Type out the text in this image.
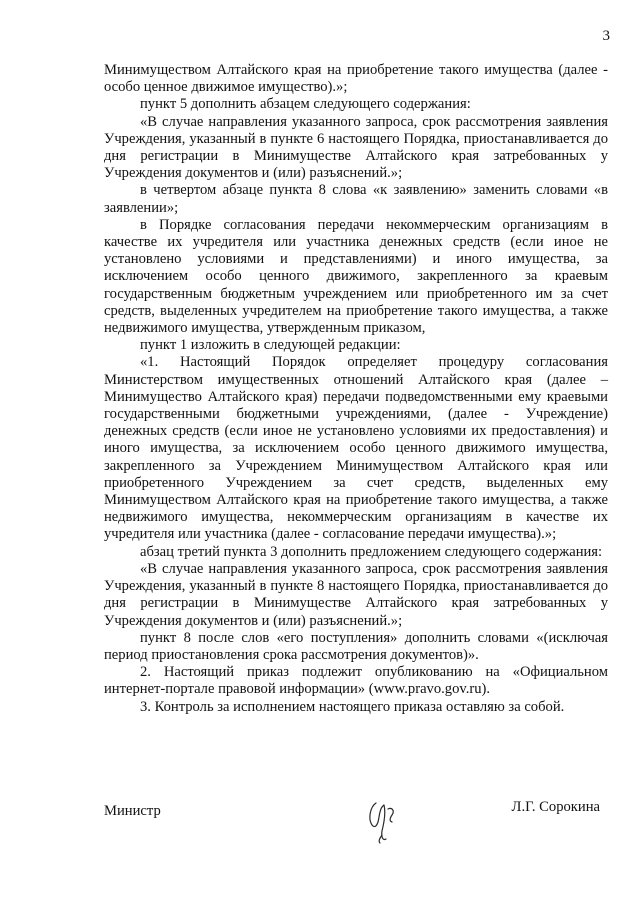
3

Минимуществом Алтайского края на приобретение такого имущества (далее - особо ценное движимое имущество).»;

пункт 5 дополнить абзацем следующего содержания:

«В случае направления указанного запроса, срок рассмотрения заявления Учреждения, указанный в пункте 6 настоящего Порядка, приостанавливается до дня регистрации в Минимуществе Алтайского края затребованных у Учреждения документов и (или) разъяснений.»;

в четвертом абзаце пункта 8 слова «к заявлению» заменить словами «в заявлении»;

в Порядке согласования передачи некоммерческим организациям в качестве их учредителя или участника денежных средств (если иное не установлено условиями и представлениями) и иного имущества, за исключением особо ценного движимого, закрепленного за краевым государственным бюджетным учреждением или приобретенного им за счет средств, выделенных учредителем на приобретение такого имущества, а также недвижимого имущества, утвержденным приказом,

пункт 1 изложить в следующей редакции:

«1. Настоящий Порядок определяет процедуру согласования Министерством имущественных отношений Алтайского края (далее – Минимущество Алтайского края) передачи подведомственными ему краевыми государственными бюджетными учреждениями, (далее - Учреждение) денежных средств (если иное не установлено условиями их предоставления) и иного имущества, за исключением особо ценного движимого имущества, закрепленного за Учреждением Минимуществом Алтайского края или приобретенного Учреждением за счет средств, выделенных ему Минимуществом Алтайского края на приобретение такого имущества, а также недвижимого имущества, некоммерческим организациям в качестве их учредителя или участника (далее - согласование передачи имущества).»;

абзац третий пункта 3 дополнить предложением следующего содержания:

«В случае направления указанного запроса, срок рассмотрения заявления Учреждения, указанный в пункте 8 настоящего Порядка, приостанавливается до дня регистрации в Минимуществе Алтайского края затребованных у Учреждения документов и (или) разъяснений.»;

пункт 8 после слов «его поступления» дополнить словами «(исключая период приостановления срока рассмотрения документов)».

2. Настоящий приказ подлежит опубликованию на «Официальном интернет-портале правовой информации» (www.pravo.gov.ru).

3. Контроль за исполнением настоящего приказа оставляю за собой.

Министр	Л.Г. Сорокина
